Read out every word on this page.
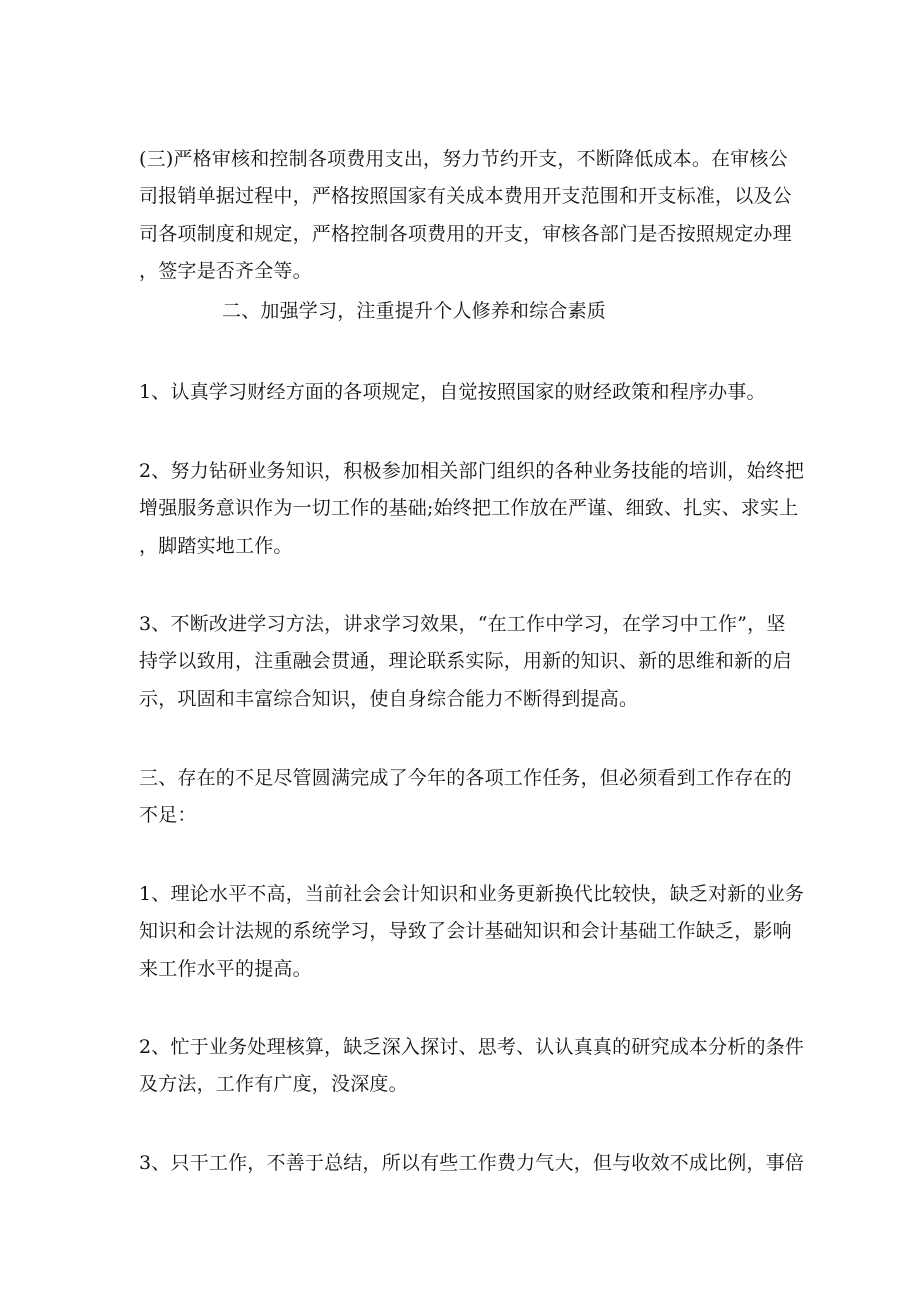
(三)严格审核和控制各项费用支出，努力节约开支，不断降低成本。在审核公
司报销单据过程中，严格按照国家有关成本费用开支范围和开支标准，以及公
司各项制度和规定，严格控制各项费用的开支，审核各部门是否按照规定办理
，签字是否齐全等。
二、加强学习，注重提升个人修养和综合素质
1、认真学习财经方面的各项规定，自觉按照国家的财经政策和程序办事。
2、努力钻研业务知识，积极参加相关部门组织的各种业务技能的培训，始终把
增强服务意识作为一切工作的基础;始终把工作放在严谨、细致、扎实、求实上
，脚踏实地工作。
3、不断改进学习方法，讲求学习效果，“在工作中学习，在学习中工作”，坚
持学以致用，注重融会贯通，理论联系实际，用新的知识、新的思维和新的启
示，巩固和丰富综合知识，使自身综合能力不断得到提高。
三、存在的不足尽管圆满完成了今年的各项工作任务，但必须看到工作存在的
不足：
1、理论水平不高，当前社会会计知识和业务更新换代比较快，缺乏对新的业务
知识和会计法规的系统学习，导致了会计基础知识和会计基础工作缺乏，影响
来工作水平的提高。
2、忙于业务处理核算，缺乏深入探讨、思考、认认真真的研究成本分析的条件
及方法，工作有广度，没深度。
3、只干工作，不善于总结，所以有些工作费力气大，但与收效不成比例，事倍
